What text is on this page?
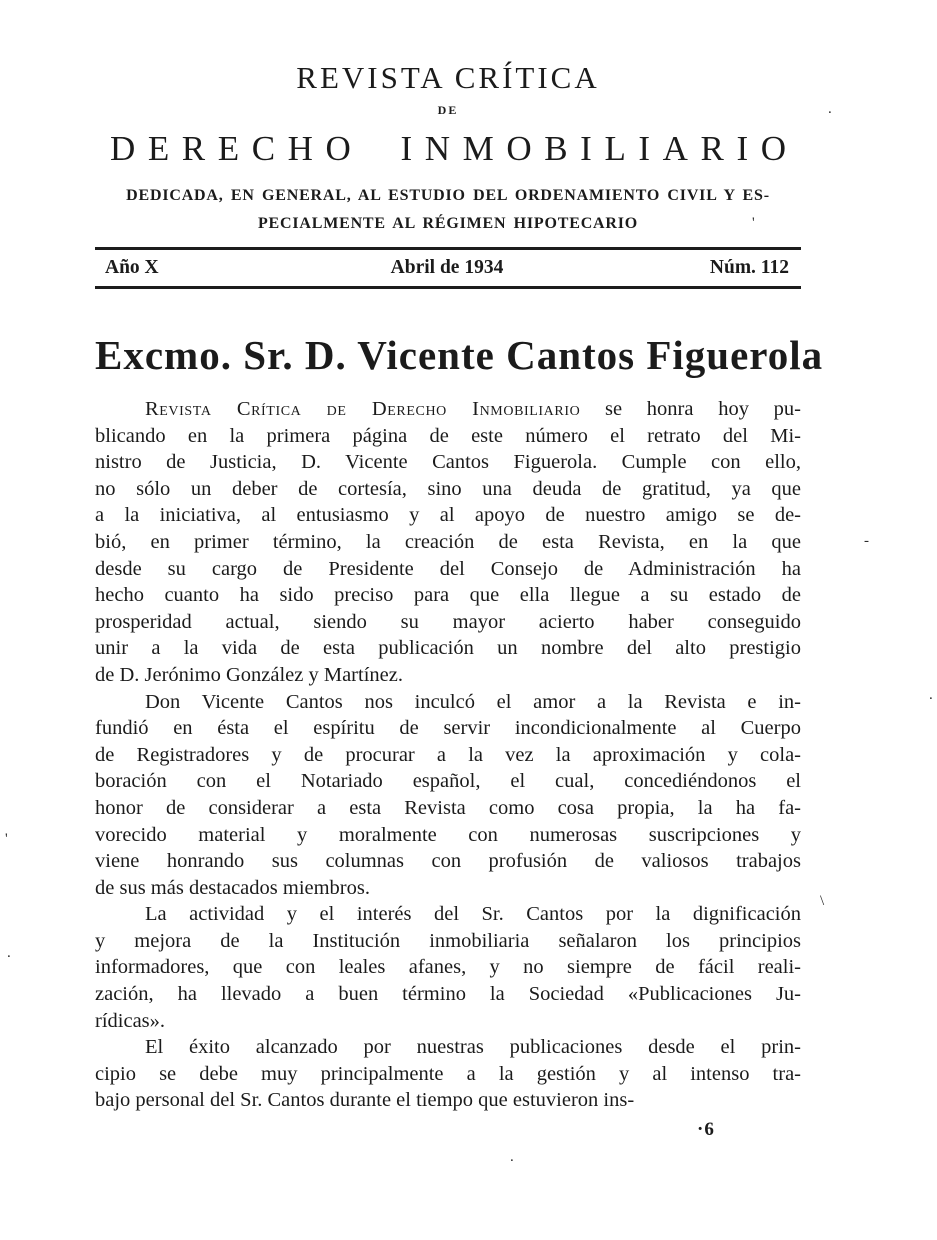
REVISTA CRÍTICA
DE
DERECHO INMOBILIARIO
DEDICADA, EN GENERAL, AL ESTUDIO DEL ORDENAMIENTO CIVIL Y ES-
PECIALMENTE AL RÉGIMEN HIPOTECARIO
Año X	Abril de 1934	Núm. 112
Excmo. Sr. D. Vicente Cantos Figuerola

Revista Crítica de Derecho Inmobiliario se honra hoy pu-
blicando en la primera página de este número el retrato del Mi-
nistro de Justicia, D. Vicente Cantos Figuerola. Cumple con ello,
no sólo un deber de cortesía, sino una deuda de gratitud, ya que
a la iniciativa, al entusiasmo y al apoyo de nuestro amigo se de-
bió, en primer término, la creación de esta Revista, en la que
desde su cargo de Presidente del Consejo de Administración ha
hecho cuanto ha sido preciso para que ella llegue a su estado de
prosperidad actual, siendo su mayor acierto haber conseguido
unir a la vida de esta publicación un nombre del alto prestigio
de D. Jerónimo González y Martínez.

Don Vicente Cantos nos inculcó el amor a la Revista e in-
fundió en ésta el espíritu de servir incondicionalmente al Cuerpo
de Registradores y de procurar a la vez la aproximación y cola-
boración con el Notariado español, el cual, concediéndonos el
honor de considerar a esta Revista como cosa propia, la ha fa-
vorecido material y moralmente con numerosas suscripciones y
viene honrando sus columnas con profusión de valiosos trabajos
de sus más destacados miembros.

La actividad y el interés del Sr. Cantos por la dignificación
y mejora de la Institución inmobiliaria señalaron los principios
informadores, que con leales afanes, y no siempre de fácil reali-
zación, ha llevado a buen término la Sociedad «Publicaciones Ju-
rídicas».

El éxito alcanzado por nuestras publicaciones desde el prin-
cipio se debe muy principalmente a la gestión y al intenso tra-
bajo personal del Sr. Cantos durante el tiempo que estuvieron ins-

·6
.
'
-
'
\
.
.
.
